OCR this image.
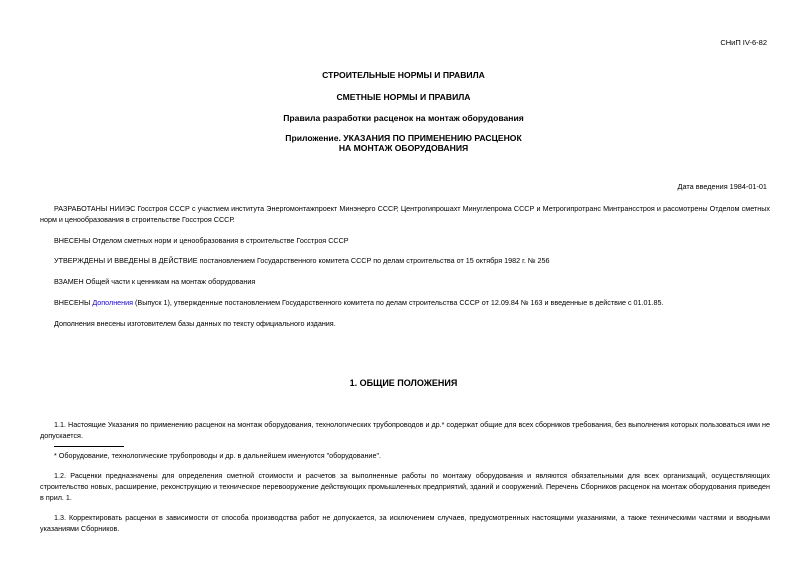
СНиП IV-6-82
СТРОИТЕЛЬНЫЕ НОРМЫ И ПРАВИЛА
СМЕТНЫЕ НОРМЫ И ПРАВИЛА
Правила разработки расценок на монтаж оборудования
Приложение. УКАЗАНИЯ ПО ПРИМЕНЕНИЮ РАСЦЕНОК
НА МОНТАЖ ОБОРУДОВАНИЯ
Дата введения 1984-01-01
РАЗРАБОТАНЫ НИИЭС Госстроя СССР с участием института Энергомонтажпроект Минэнерго СССР, Центрогипрошахт Минуглепрома СССР и Метрогипротранс Минтрансстроя и рассмотрены Отделом сметных норм и ценообразования в строительстве Госстроя СССР.
ВНЕСЕНЫ Отделом сметных норм и ценообразования в строительстве Госстроя СССР
УТВЕРЖДЕНЫ И ВВЕДЕНЫ В ДЕЙСТВИЕ постановлением Государственного комитета СССР по делам строительства от 15 октября 1982 г. № 256
ВЗАМЕН Общей части к ценникам на монтаж оборудования
ВНЕСЕНЫ Дополнения (Выпуск 1), утвержденные постановлением Государственного комитета по делам строительства СССР от 12.09.84 № 163 и введенные в действие с 01.01.85.
Дополнения внесены изготовителем базы данных по тексту официального издания.
1. ОБЩИЕ ПОЛОЖЕНИЯ
1.1. Настоящие Указания по применению расценок на монтаж оборудования, технологических трубопроводов и др.* содержат общие для всех сборников требования, без выполнения которых пользоваться ими не допускается.
* Оборудование, технологические трубопроводы и др. в дальнейшем именуются "оборудование".
1.2. Расценки предназначены для определения сметной стоимости и расчетов за выполненные работы по монтажу оборудования и являются обязательными для всех организаций, осуществляющих строительство новых, расширение, реконструкцию и техническое перевооружение действующих промышленных предприятий, зданий и сооружений. Перечень Сборников расценок на монтаж оборудования приведен в прил. 1.
1.3. Корректировать расценки в зависимости от способа производства работ не допускается, за исключением случаев, предусмотренных настоящими указаниями, а также техническими частями и вводными указаниями Сборников.
